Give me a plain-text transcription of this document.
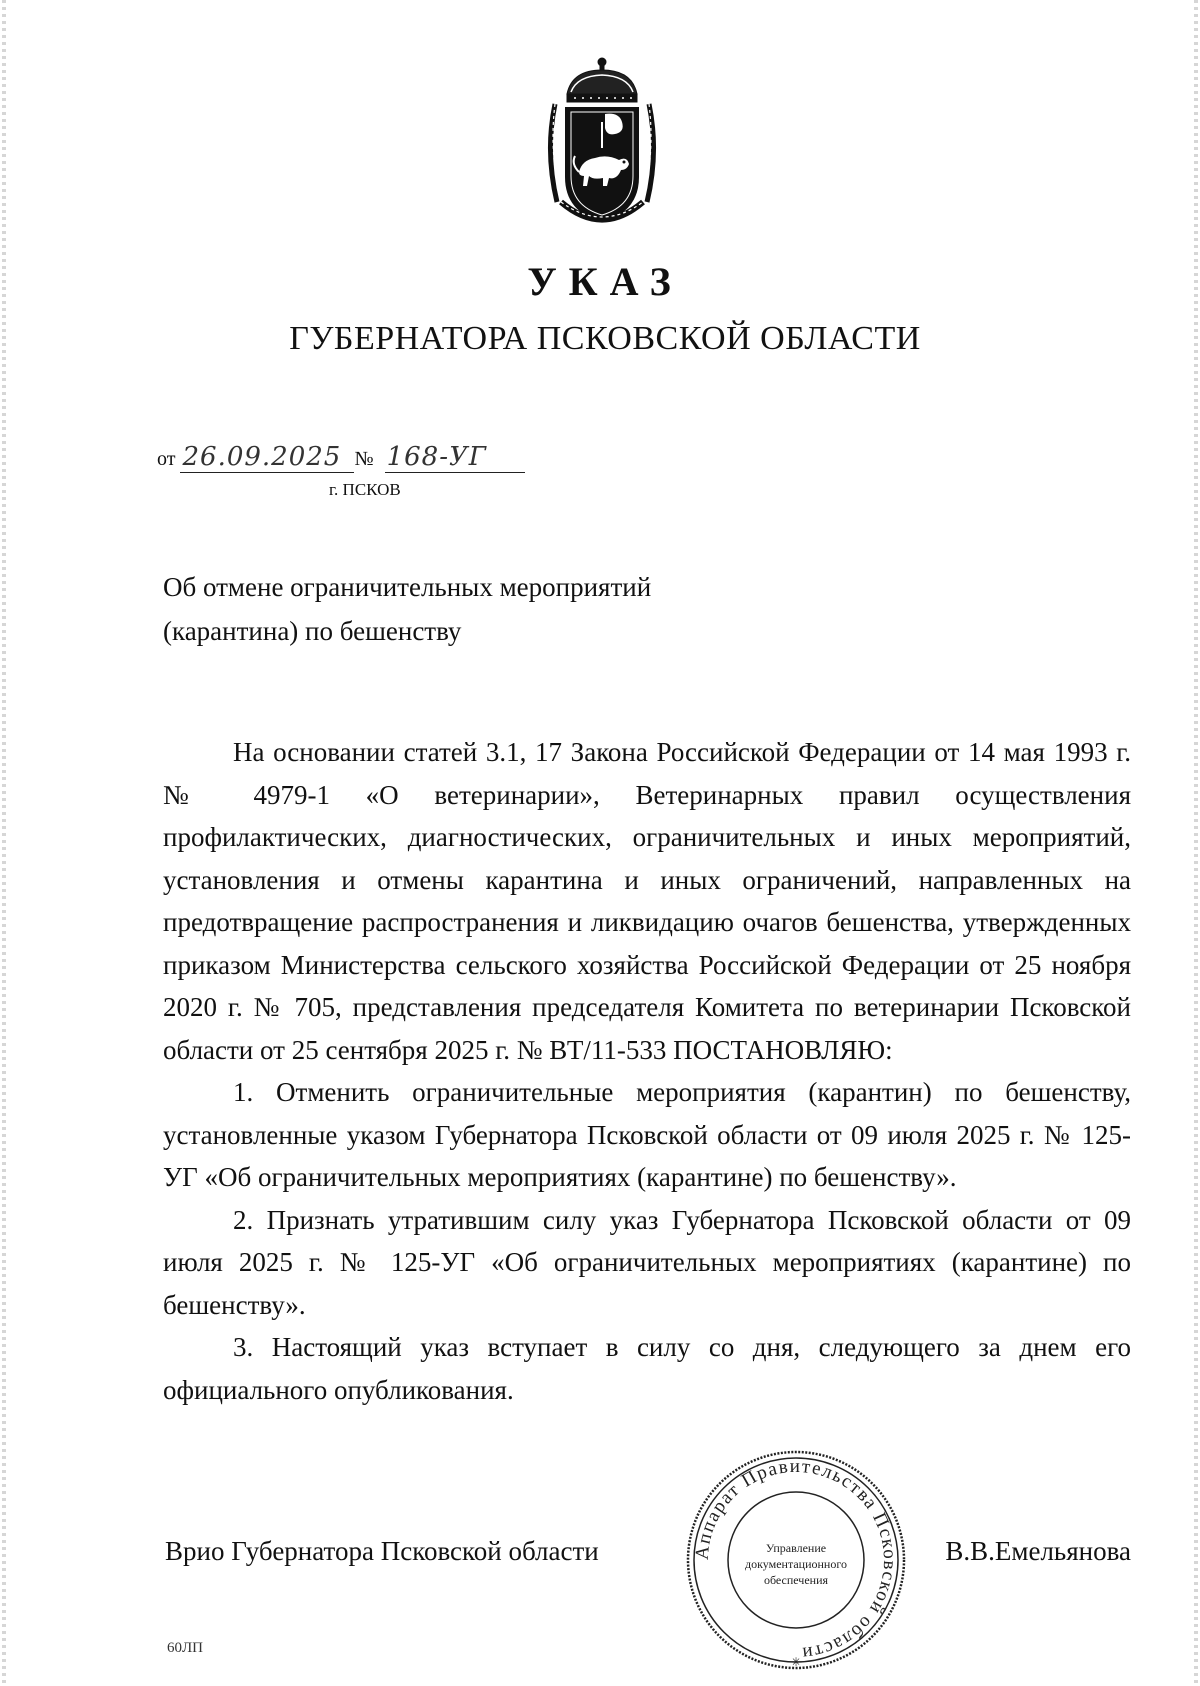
УКАЗ
ГУБЕРНАТОРА ПСКОВСКОЙ ОБЛАСТИ
от 26.09.2025 № 168-УГ
г. ПСКОВ
Об отмене ограничительных мероприятий
(карантина) по бешенству

На основании статей 3.1, 17 Закона Российской Федерации от 14 мая 1993 г. № 4979-1 «О ветеринарии», Ветеринарных правил осуществления профилактических, диагностических, ограничительных и иных мероприятий, установления и отмены карантина и иных ограничений, направленных на предотвращение распространения и ликвидацию очагов бешенства, утвержденных приказом Министерства сельского хозяйства Российской Федерации от 25 ноября 2020 г. № 705, представления председателя Комитета по ветеринарии Псковской области от 25 сентября 2025 г. № ВТ/11-533 ПОСТАНОВЛЯЮ:

1. Отменить ограничительные мероприятия (карантин) по бешенству, установленные указом Губернатора Псковской области от 09 июля 2025 г. № 125-УГ «Об ограничительных мероприятиях (карантине) по бешенству».

2. Признать утратившим силу указ Губернатора Псковской области от 09 июля 2025 г. № 125-УГ «Об ограничительных мероприятиях (карантине) по бешенству».

3. Настоящий указ вступает в силу со дня, следующего за днем его официального опубликования.

Аппарат Правительства Псковской области
Управление
документационного
обеспечения
✳
Врио Губернатора Псковской области	В.В.Емельянова
60ЛП
